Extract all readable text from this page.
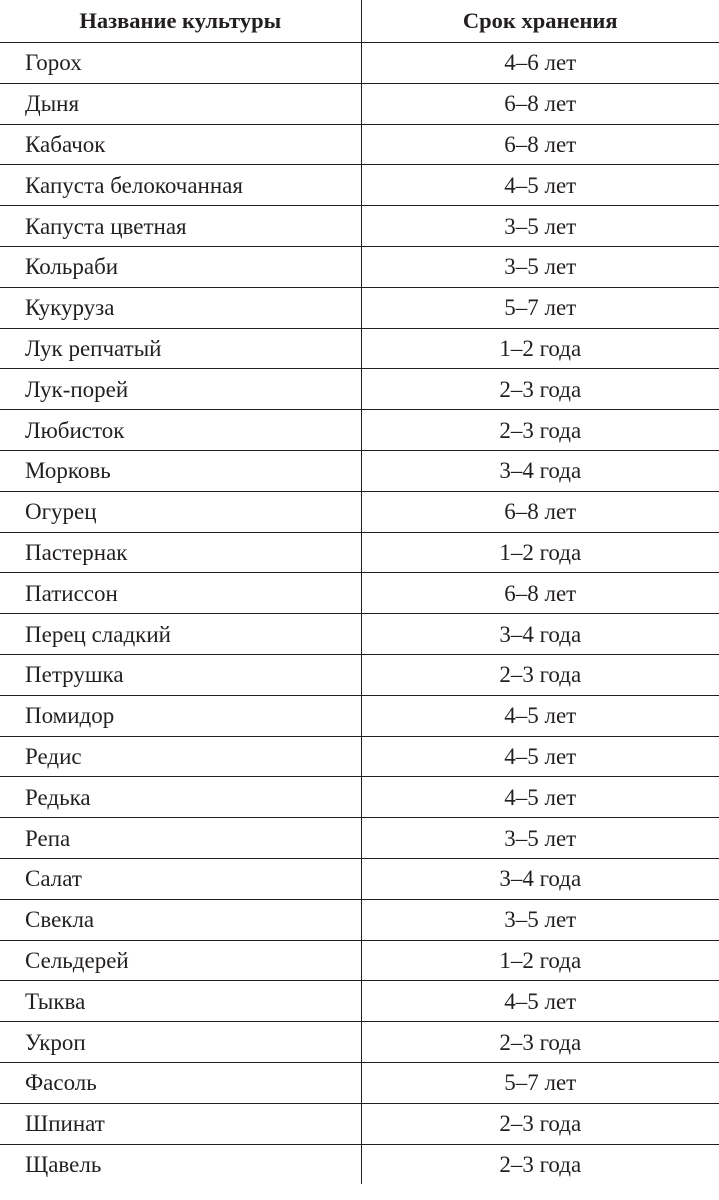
Название культуры	Срок хранения
Горох	4–6 лет
Дыня	6–8 лет
Кабачок	6–8 лет
Капуста белокочанная	4–5 лет
Капуста цветная	3–5 лет
Кольраби	3–5 лет
Кукуруза	5–7 лет
Лук репчатый	1–2 года
Лук-порей	2–3 года
Любисток	2–3 года
Морковь	3–4 года
Огурец	6–8 лет
Пастернак	1–2 года
Патиссон	6–8 лет
Перец сладкий	3–4 года
Петрушка	2–3 года
Помидор	4–5 лет
Редис	4–5 лет
Редька	4–5 лет
Репа	3–5 лет
Салат	3–4 года
Свекла	3–5 лет
Сельдерей	1–2 года
Тыква	4–5 лет
Укроп	2–3 года
Фасоль	5–7 лет
Шпинат	2–3 года
Щавель	2–3 года
